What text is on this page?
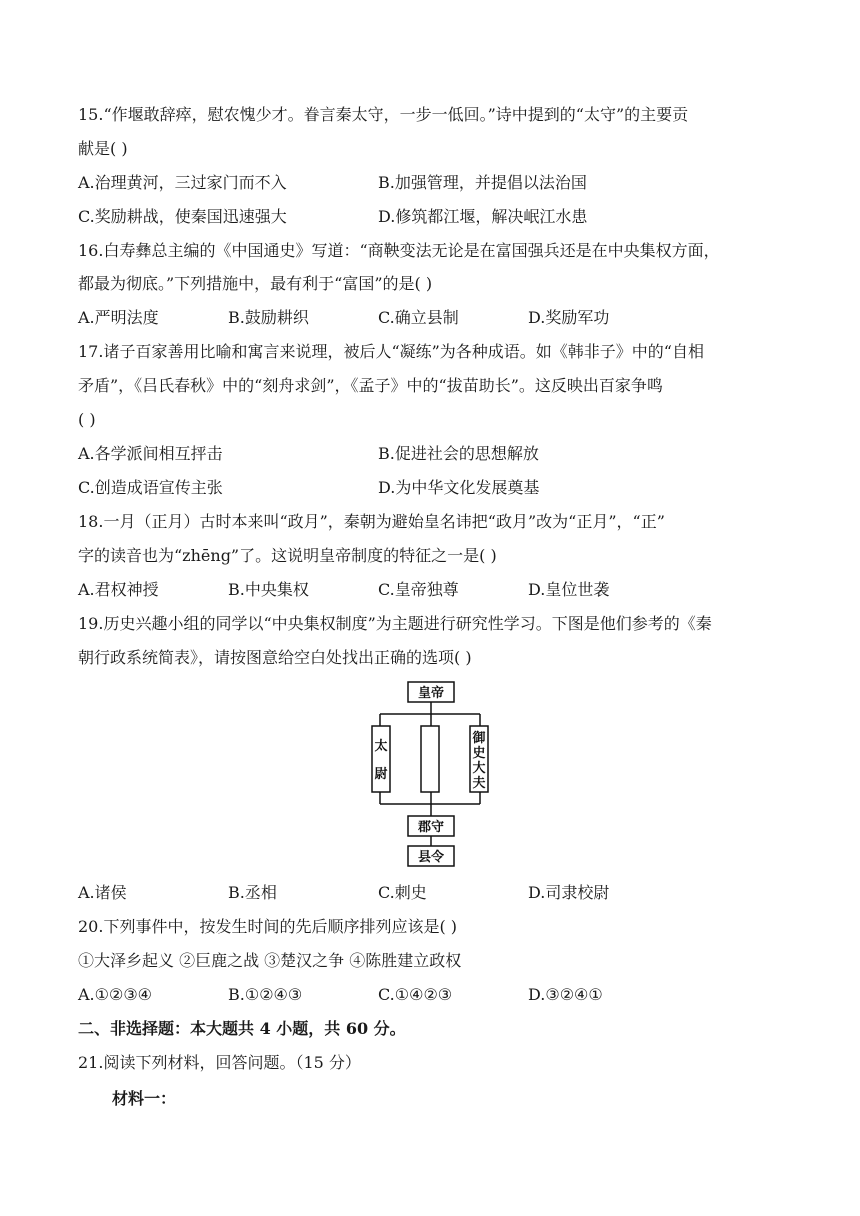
15.“作堰敢辞瘁，慰农愧少才。眷言秦太守，一步一低回。”诗中提到的“太守”的主要贡
献是( )
A.治理黄河，三过家门而不入	B.加强管理，并提倡以法治国
C.奖励耕战，使秦国迅速强大	D.修筑都江堰，解决岷江水患
16.白寿彝总主编的《中国通史》写道：“商鞅变法无论是在富国强兵还是在中央集权方面，
都最为彻底。”下列措施中，最有利于“富国”的是( )
A.严明法度	B.鼓励耕织	C.确立县制	D.奖励军功
17.诸子百家善用比喻和寓言来说理，被后人“凝练”为各种成语。如《韩非子》中的“自相
矛盾”，《吕氏春秋》中的“刻舟求剑”，《孟子》中的“拔苗助长”。这反映出百家争鸣
( )
A.各学派间相互抨击	B.促进社会的思想解放
C.创造成语宣传主张	D.为中华文化发展奠基
18.一月（正月）古时本来叫“政月”，秦朝为避始皇名讳把“政月”改为“正月”，“正”
字的读音也为“zhēng”了。这说明皇帝制度的特征之一是( )
A.君权神授	B.中央集权	C.皇帝独尊	D.皇位世袭
19.历史兴趣小组的同学以“中央集权制度”为主题进行研究性学习。下图是他们参考的《秦
朝行政系统简表》，请按图意给空白处找出正确的选项( )
皇帝
太
尉
御
史
大
夫
郡守
县令
A.诸侯	B.丞相	C.刺史	D.司隶校尉
20.下列事件中，按发生时间的先后顺序排列应该是( )
①大泽乡起义 ②巨鹿之战 ③楚汉之争 ④陈胜建立政权
A.①②③④	B.①②④③	C.①④②③	D.③②④①
二、非选择题：本大题共 4 小题，共 60 分。
21.阅读下列材料，回答问题。（15 分）
材料一：
